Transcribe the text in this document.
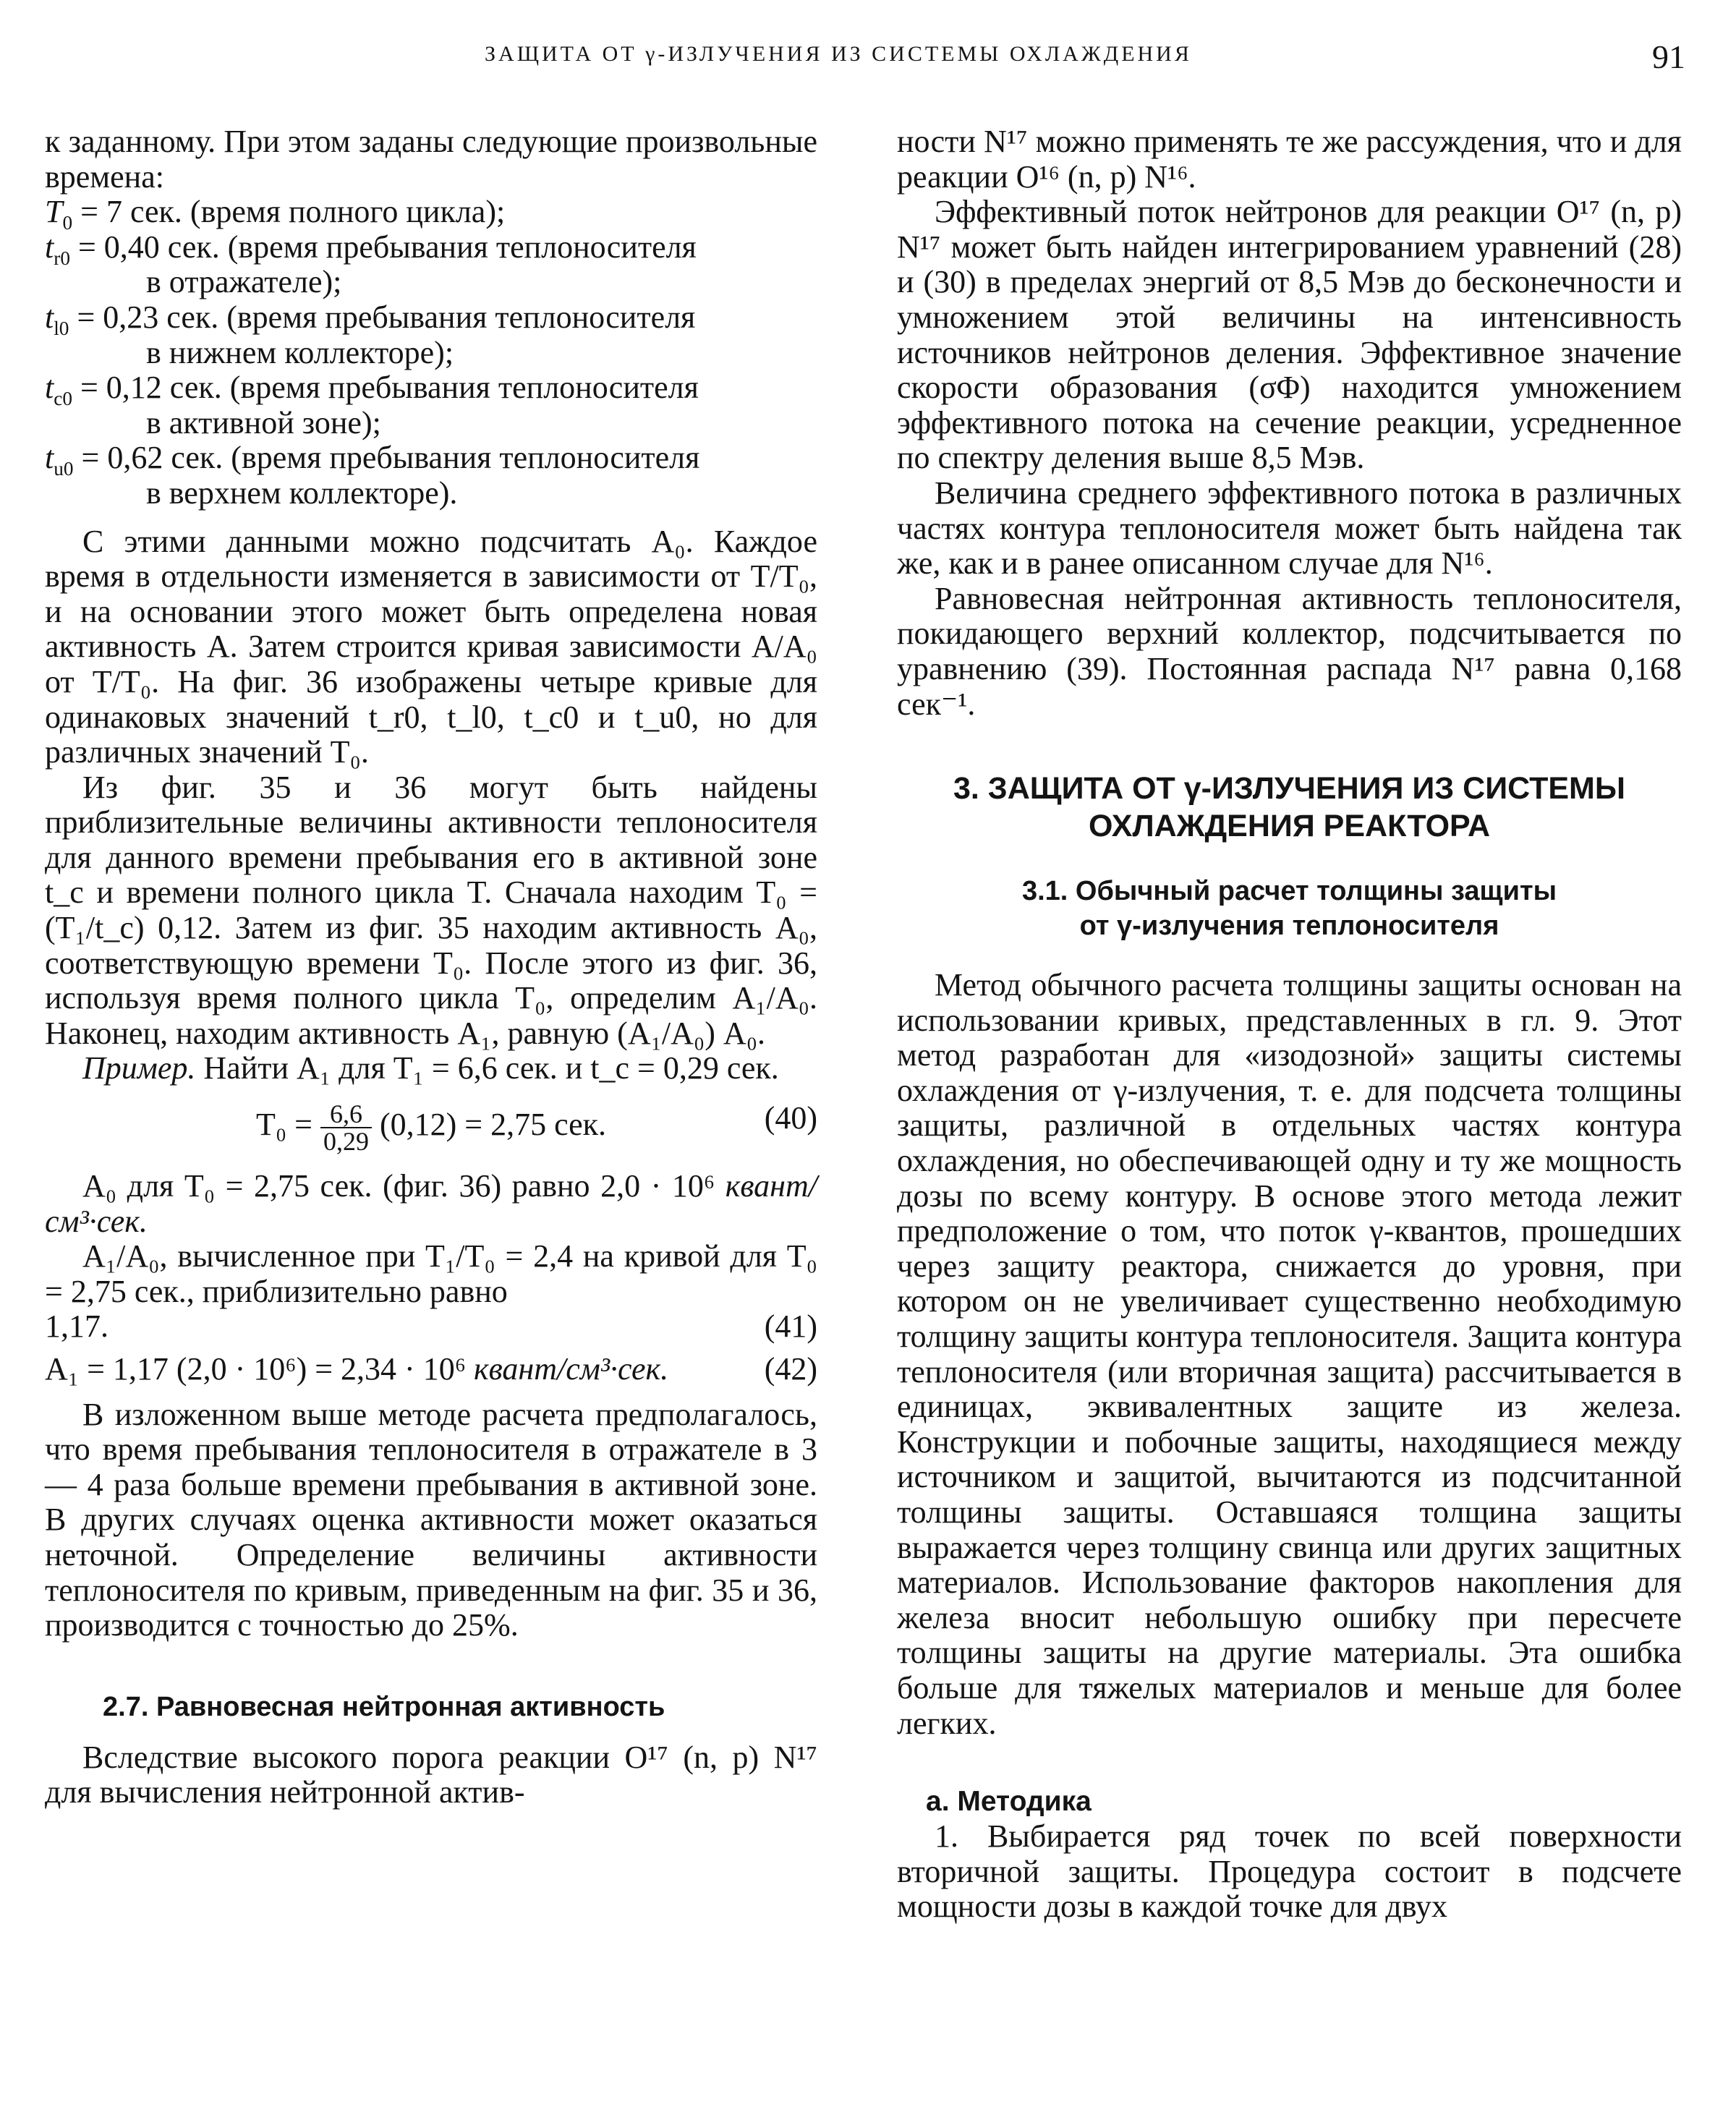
ЗАЩИТА ОТ γ-ИЗЛУЧЕНИЯ ИЗ СИСТЕМЫ ОХЛАЖДЕНИЯ	91

к заданному. При этом заданы следующие произвольные времена:

$T_0 = 7$ сек. (время полного цикла);
$t_{r0} = 0,40$ сек. (время пребывания теплоносителя
в отражателе);
$t_{l0} = 0,23$ сек. (время пребывания теплоносителя
в нижнем коллекторе);
$t_{c0} = 0,12$ сек. (время пребывания теплоносителя
в активной зоне);
$t_{u0} = 0,62$ сек. (время пребывания теплоносителя
в верхнем коллекторе).

С этими данными можно подсчитать A₀. Каждое время в отдельности изменяется в зависимости от T/T₀, и на основании этого может быть определена новая активность A. Затем строится кривая зависимости A/A₀ от T/T₀. На фиг. 36 изображены четыре кривые для одинаковых значений t_r0, t_l0, t_c0 и t_u0, но для различных значений T₀.

Из фиг. 35 и 36 могут быть найдены приблизительные величины активности теплоносителя для данного времени пребывания его в активной зоне t_c и времени полного цикла T. Сначала находим T₀ = (T₁/t_c) 0,12. Затем из фиг. 35 находим активность A₀, соответствующую времени T₀. После этого из фиг. 36, используя время полного цикла T₀, определим A₁/A₀. Наконец, находим активность A₁, равную (A₁/A₀) A₀.

Пример. Найти A₁ для T₁ = 6,6 сек. и t_c = 0,29 сек.

$T_0 = \frac{6,6}{0,29} (0,12) = 2,75$ сек.	(40)

A₀ для T₀ = 2,75 сек. (фиг. 36) равно 2,0 · 10⁶ квант/см³·сек.

A₁/A₀, вычисленное при T₁/T₀ = 2,4 на кривой для T₀ = 2,75 сек., приблизительно равно

1,17.	(41)
A₁ = 1,17 (2,0 · 10⁶) = 2,34 · 10⁶ квант/см³·сек.	(42)

В изложенном выше методе расчета предполагалось, что время пребывания теплоносителя в отражателе в 3 — 4 раза больше времени пребывания в активной зоне. В других случаях оценка активности может оказаться неточной. Определение величины активности теплоносителя по кривым, приведенным на фиг. 35 и 36, производится с точностью до 25%.

2.7. Равновесная нейтронная активность

Вследствие высокого порога реакции O¹⁷ (n, p) N¹⁷ для вычисления нейтронной актив-

ности N¹⁷ можно применять те же рассуждения, что и для реакции O¹⁶ (n, p) N¹⁶.

Эффективный поток нейтронов для реакции O¹⁷ (n, p) N¹⁷ может быть найден интегрированием уравнений (28) и (30) в пределах энергий от 8,5 Мэв до бесконечности и умножением этой величины на интенсивность источников нейтронов деления. Эффективное значение скорости образования (σΦ) находится умножением эффективного потока на сечение реакции, усредненное по спектру деления выше 8,5 Мэв.

Величина среднего эффективного потока в различных частях контура теплоносителя может быть найдена так же, как и в ранее описанном случае для N¹⁶.

Равновесная нейтронная активность теплоносителя, покидающего верхний коллектор, подсчитывается по уравнению (39). Постоянная распада N¹⁷ равна 0,168 сек⁻¹.

3. ЗАЩИТА ОТ γ-ИЗЛУЧЕНИЯ ИЗ СИСТЕМЫ
ОХЛАЖДЕНИЯ РЕАКТОРА
3.1. Обычный расчет толщины защиты
от γ-излучения теплоносителя

Метод обычного расчета толщины защиты основан на использовании кривых, представленных в гл. 9. Этот метод разработан для «изодозной» защиты системы охлаждения от γ-излучения, т. е. для подсчета толщины защиты, различной в отдельных частях контура охлаждения, но обеспечивающей одну и ту же мощность дозы по всему контуру. В основе этого метода лежит предположение о том, что поток γ-квантов, прошедших через защиту реактора, снижается до уровня, при котором он не увеличивает существенно необходимую толщину защиты контура теплоносителя. Защита контура теплоносителя (или вторичная защита) рассчитывается в единицах, эквивалентных защите из железа. Конструкции и побочные защиты, находящиеся между источником и защитой, вычитаются из подсчитанной толщины защиты. Оставшаяся толщина защиты выражается через толщину свинца или других защитных материалов. Использование факторов накопления для железа вносит небольшую ошибку при пересчете толщины защиты на другие материалы. Эта ошибка больше для тяжелых материалов и меньше для более легких.

а. Методика

1. Выбирается ряд точек по всей поверхности вторичной защиты. Процедура состоит в подсчете мощности дозы в каждой точке для двух
